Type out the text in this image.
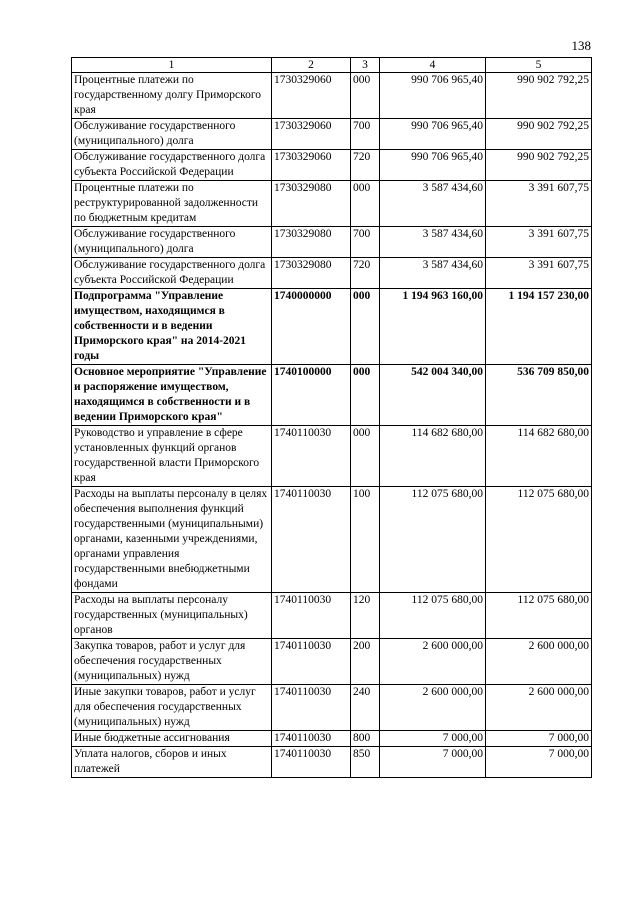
138
1	2	3	4	5
Процентные платежи по государственному долгу Приморского края	1730329060	000	990 706 965,40	990 902 792,25
Обслуживание государственного (муниципального) долга	1730329060	700	990 706 965,40	990 902 792,25
Обслуживание государственного долга субъекта Российской Федерации	1730329060	720	990 706 965,40	990 902 792,25
Процентные платежи по реструктурированной задолженности по бюджетным кредитам	1730329080	000	3 587 434,60	3 391 607,75
Обслуживание государственного (муниципального) долга	1730329080	700	3 587 434,60	3 391 607,75
Обслуживание государственного долга субъекта Российской Федерации	1730329080	720	3 587 434,60	3 391 607,75
Подпрограмма "Управление имуществом, находящимся в собственности и в ведении Приморского края" на 2014-2021 годы	1740000000	000	1 194 963 160,00	1 194 157 230,00
Основное мероприятие "Управление и распоряжение имуществом, находящимся в собственности и в ведении Приморского края"	1740100000	000	542 004 340,00	536 709 850,00
Руководство и управление в сфере установленных функций органов государственной власти Приморского края	1740110030	000	114 682 680,00	114 682 680,00
Расходы на выплаты персоналу в целях обеспечения выполнения функций государственными (муниципальными) органами, казенными учреждениями, органами управления государственными внебюджетными фондами	1740110030	100	112 075 680,00	112 075 680,00
Расходы на выплаты персоналу государственных (муниципальных) органов	1740110030	120	112 075 680,00	112 075 680,00
Закупка товаров, работ и услуг для обеспечения государственных (муниципальных) нужд	1740110030	200	2 600 000,00	2 600 000,00
Иные закупки товаров, работ и услуг для обеспечения государственных (муниципальных) нужд	1740110030	240	2 600 000,00	2 600 000,00
Иные бюджетные ассигнования	1740110030	800	7 000,00	7 000,00
Уплата налогов, сборов и иных платежей	1740110030	850	7 000,00	7 000,00
